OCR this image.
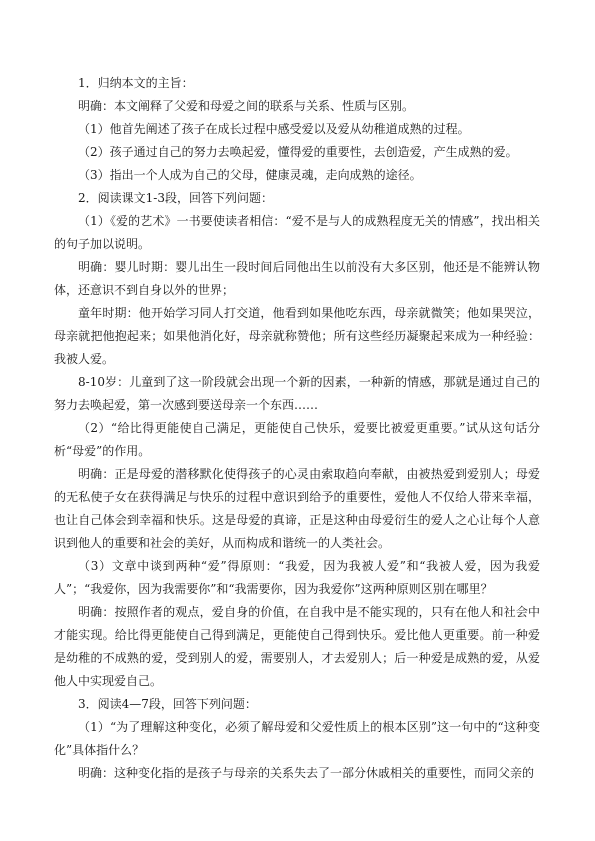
1．归纳本文的主旨：

明确：本文阐释了父爱和母爱之间的联系与关系、性质与区别。

（1）他首先阐述了孩子在成长过程中感受爱以及爱从幼稚道成熟的过程。

（2）孩子通过自己的努力去唤起爱，懂得爱的重要性，去创造爱，产生成熟的爱。

（3）指出一个人成为自己的父母，健康灵魂，走向成熟的途径。

2．阅读课文1-3段，回答下列问题：

（1）《爱的艺术》一书要使读者相信：“爱不是与人的成熟程度无关的情感”，找出相关的句子加以说明。

明确：婴儿时期：婴儿出生一段时间后同他出生以前没有大多区别，他还是不能辨认物体，还意识不到自身以外的世界；

童年时期：他开始学习同人打交道，他看到如果他吃东西，母亲就微笑；他如果哭泣，母亲就把他抱起来；如果他消化好，母亲就称赞他；所有这些经历凝聚起来成为一种经验：我被人爱。

8-10岁：儿童到了这一阶段就会出现一个新的因素，一种新的情感，那就是通过自己的努力去唤起爱，第一次感到要送母亲一个东西……

（2）“给比得更能使自己满足，更能使自己快乐，爱要比被爱更重要。”试从这句话分析“母爱”的作用。

明确：正是母爱的潜移默化使得孩子的心灵由索取趋向奉献，由被热爱到爱别人；母爱的无私使子女在获得满足与快乐的过程中意识到给予的重要性，爱他人不仅给人带来幸福，也让自己体会到幸福和快乐。这是母爱的真谛，正是这种由母爱衍生的爱人之心让每个人意识到他人的重要和社会的美好，从而构成和谐统一的人类社会。

（3）文章中谈到两种“爱”得原则：“我爱，因为我被人爱”和“我被人爱，因为我爱人”；“我爱你，因为我需要你”和“我需要你，因为我爱你”这两种原则区别在哪里？

明确：按照作者的观点，爱自身的价值，在自我中是不能实现的，只有在他人和社会中才能实现。给比得更能使自己得到满足，更能使自己得到快乐。爱比他人更重要。前一种爱是幼稚的不成熟的爱，受到别人的爱，需要别人，才去爱别人；后一种爱是成熟的爱，从爱他人中实现爱自己。

3．阅读4—7段，回答下列问题：

（1）“为了理解这种变化，必须了解母爱和父爱性质上的根本区别”这一句中的“这种变化”具体指什么？

明确：这种变化指的是孩子与母亲的关系失去了一部分休戚相关的重要性，而同父亲的
